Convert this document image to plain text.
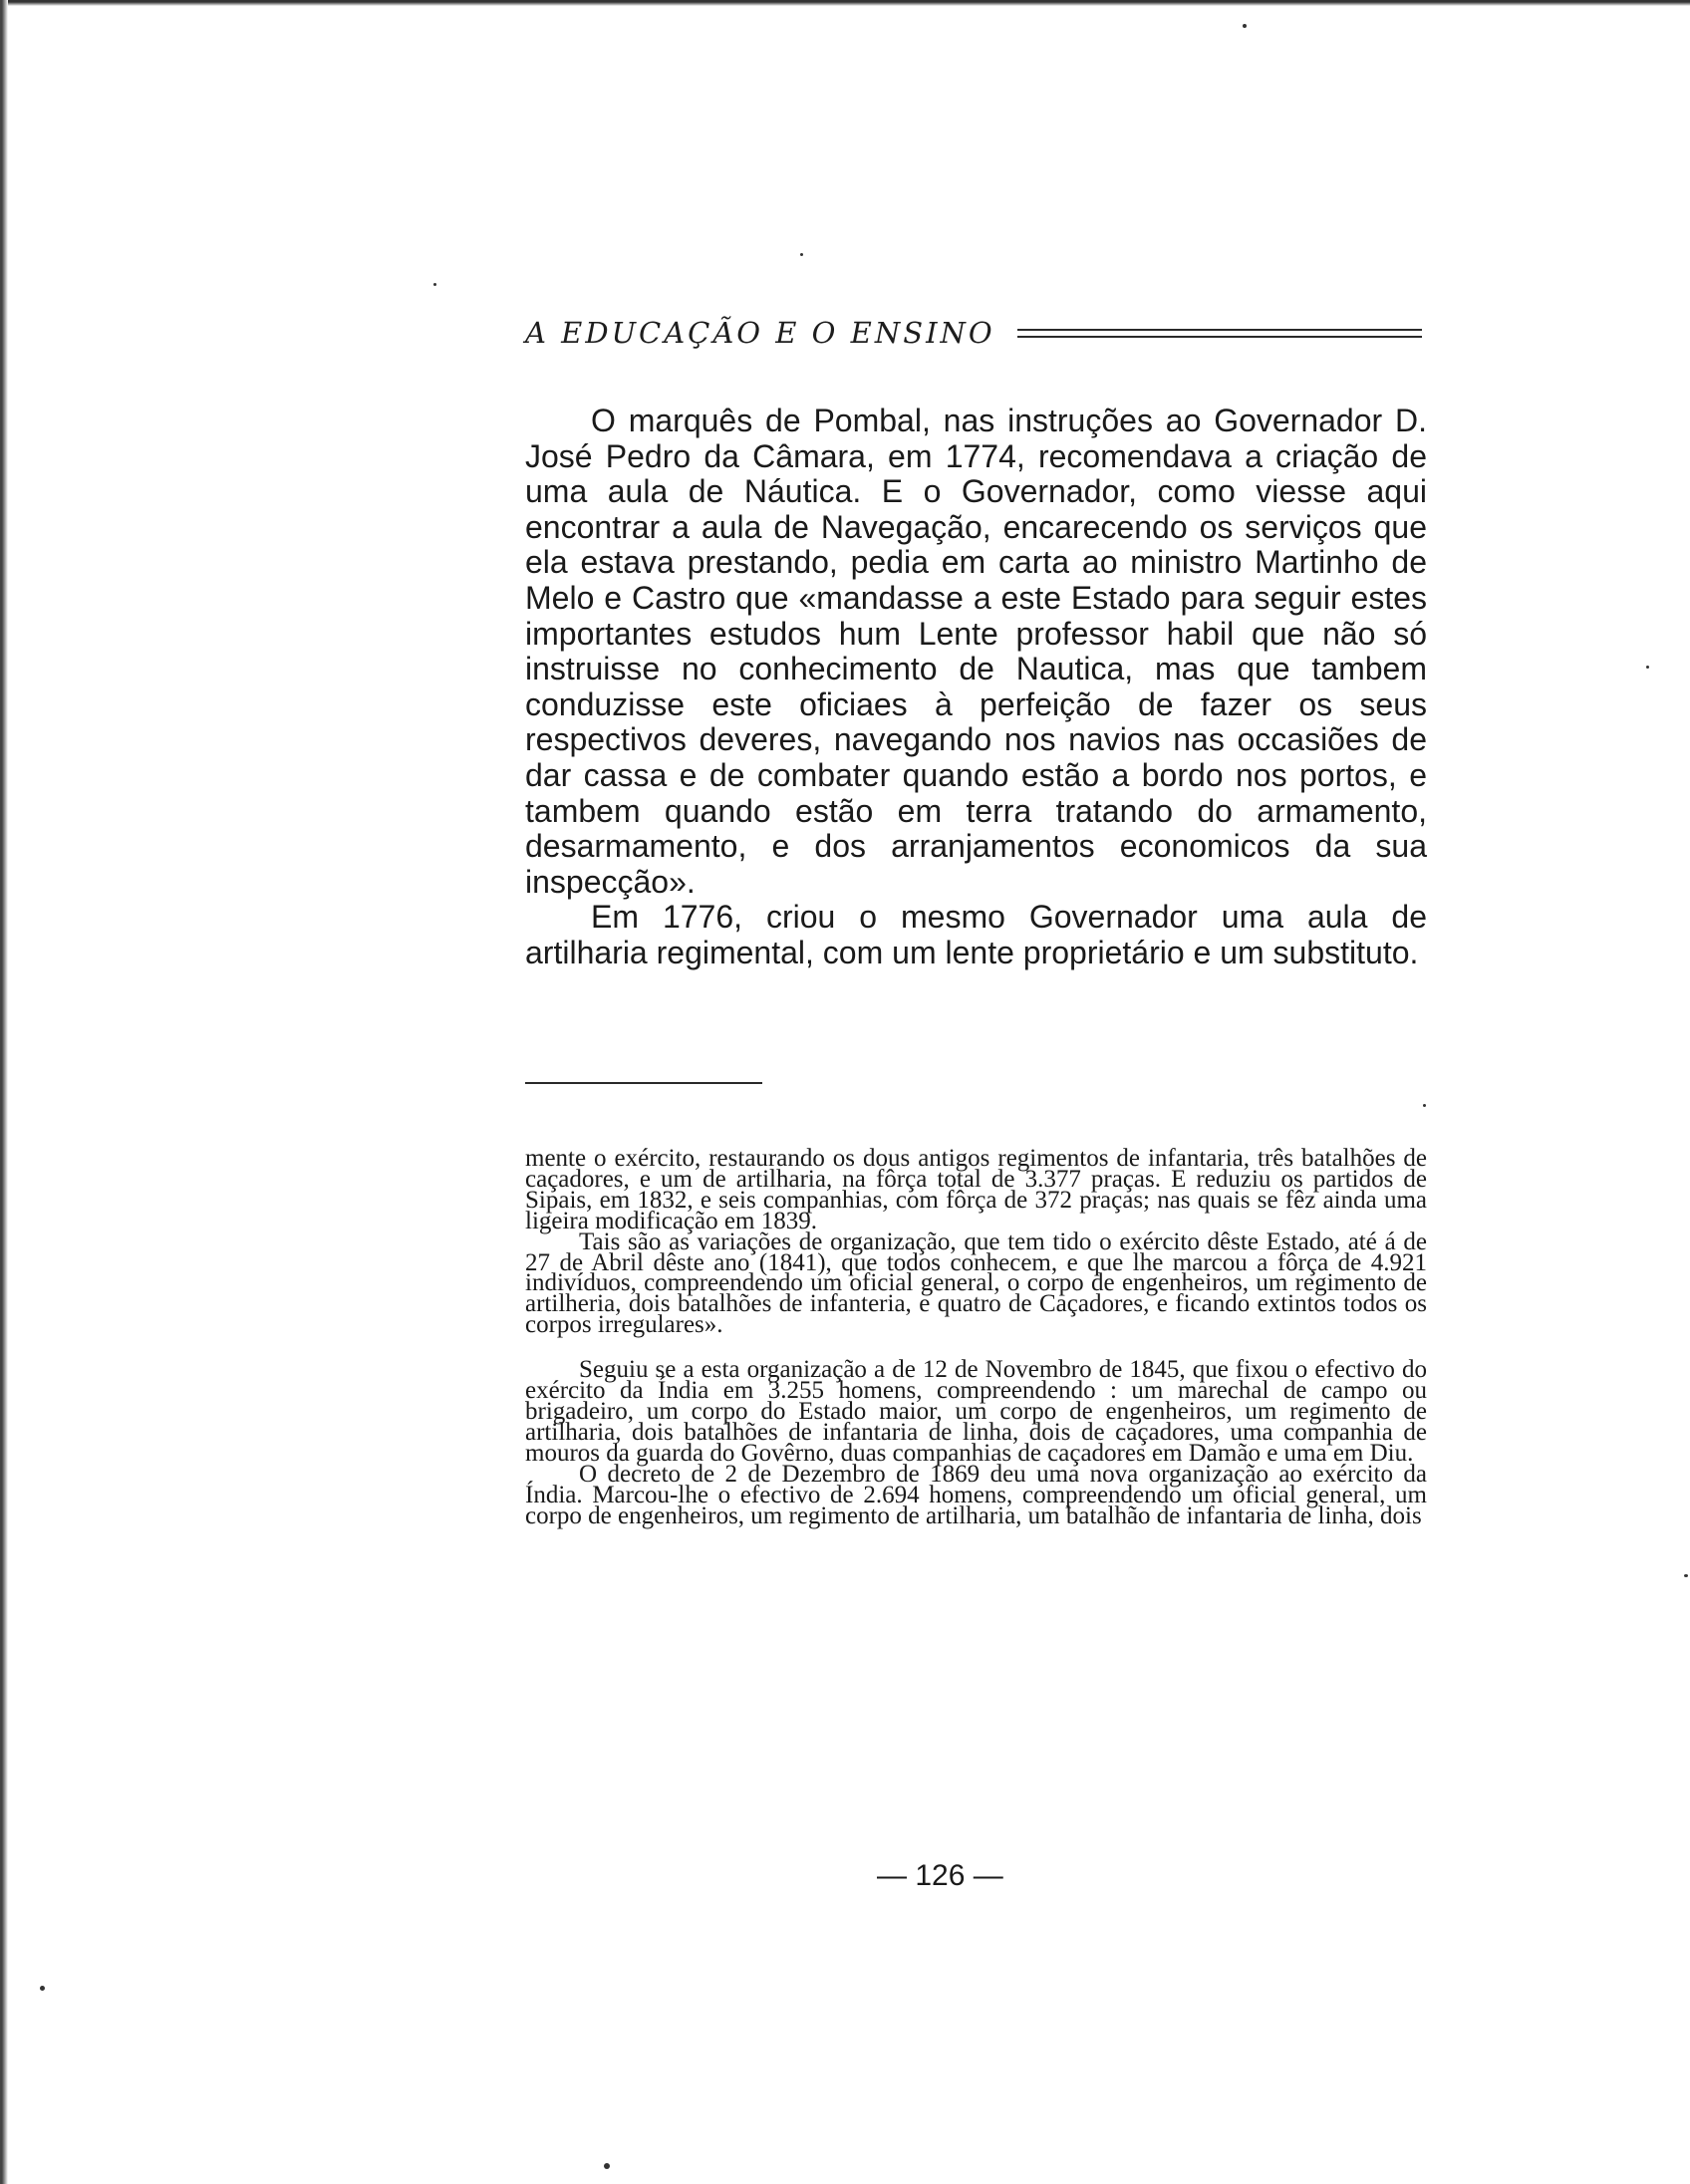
A EDUCAÇÃO E O ENSINO

O marquês de Pombal, nas instruções ao Governador D. José Pedro da Câmara, em 1774, recomendava a criação de uma aula de Náutica. E o Governador, como viesse aqui encontrar a aula de Navegação, encarecendo os serviços que ela estava prestando, pedia em carta ao ministro Martinho de Melo e Castro que «mandasse a este Estado para seguir estes importantes estudos hum Lente professor habil que não só instruisse no conhecimento de Nautica, mas que tambem conduzisse este oficiaes à perfeição de fazer os seus respectivos deveres, navegando nos navios nas occasiões de dar cassa e de combater quando estão a bordo nos portos, e tambem quando estão em terra tratando do armamento, desarmamento, e dos arranjamentos economicos da sua inspecção».

Em 1776, criou o mesmo Governador uma aula de artilharia regimental, com um lente proprietário e um substituto.

mente o exército, restaurando os dous antigos regimentos de infantaria, três batalhões de caçadores, e um de artilharia, na fôrça total de 3.377 praças. E reduziu os partidos de Sipais, em 1832, e seis companhias, com fôrça de 372 praças; nas quais se fêz ainda uma ligeira modificação em 1839.

Tais são as variações de organização, que tem tido o exército dêste Estado, até á de 27 de Abril dêste ano (1841), que todos conhecem, e que lhe marcou a fôrça de 4.921 indivíduos, compreendendo um oficial general, o corpo de engenheiros, um regimento de artilheria, dois batalhões de infanteria, e quatro de Caçadores, e ficando extintos todos os corpos irregulares».

Seguiu se a esta organização a de 12 de Novembro de 1845, que fixou o efectivo do exército da Índia em 3.255 homens, compreendendo : um marechal de campo ou brigadeiro, um corpo do Estado maior, um corpo de engenheiros, um regimento de artilharia, dois batalhões de infantaria de linha, dois de caçadores, uma companhia de mouros da guarda do Govêrno, duas companhias de caçadores em Damão e uma em Diu.

O decreto de 2 de Dezembro de 1869 deu uma nova organização ao exército da Índia. Marcou-lhe o efectivo de 2.694 homens, compreendendo um oficial general, um corpo de engenheiros, um regimento de artilharia, um batalhão de infantaria de linha, dois

— 126 —
